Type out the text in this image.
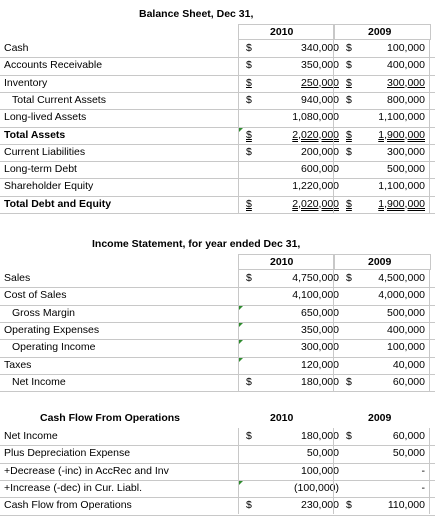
Balance Sheet, Dec 31,
2010	2009
Cash	$	340,000 $	100,000
Accounts Receivable	$	350,000 $	400,000
Inventory	$	250,000 $	300,000
Total Current Assets	$	940,000 $	800,000
Long-lived Assets	1,080,000	1,100,000
Total Assets	$	2,020,000 $	1,900,000
Current Liabilities	$	200,000 $	300,000
Long-term Debt	600,000	500,000
Shareholder Equity	1,220,000	1,100,000
Total Debt and Equity	$	2,020,000 $	1,900,000
Income Statement, for year ended Dec 31,
2010	2009
Sales	$	4,750,000 $	4,500,000
Cost of Sales	4,100,000	4,000,000
Gross Margin	650,000	500,000
Operating Expenses	350,000	400,000
Operating Income	300,000	100,000
Taxes	120,000	40,000
Net Income	$	180,000 $	60,000
Cash Flow From Operations	2010	2009
Net Income	$	180,000 $	60,000
Plus Depreciation Expense	50,000	50,000
+Decrease (-inc) in AccRec and Inv	100,000	-
+Increase (-dec) in Cur. Liabl.	(100,000)	-
Cash Flow from Operations	$	230,000 $	110,000
